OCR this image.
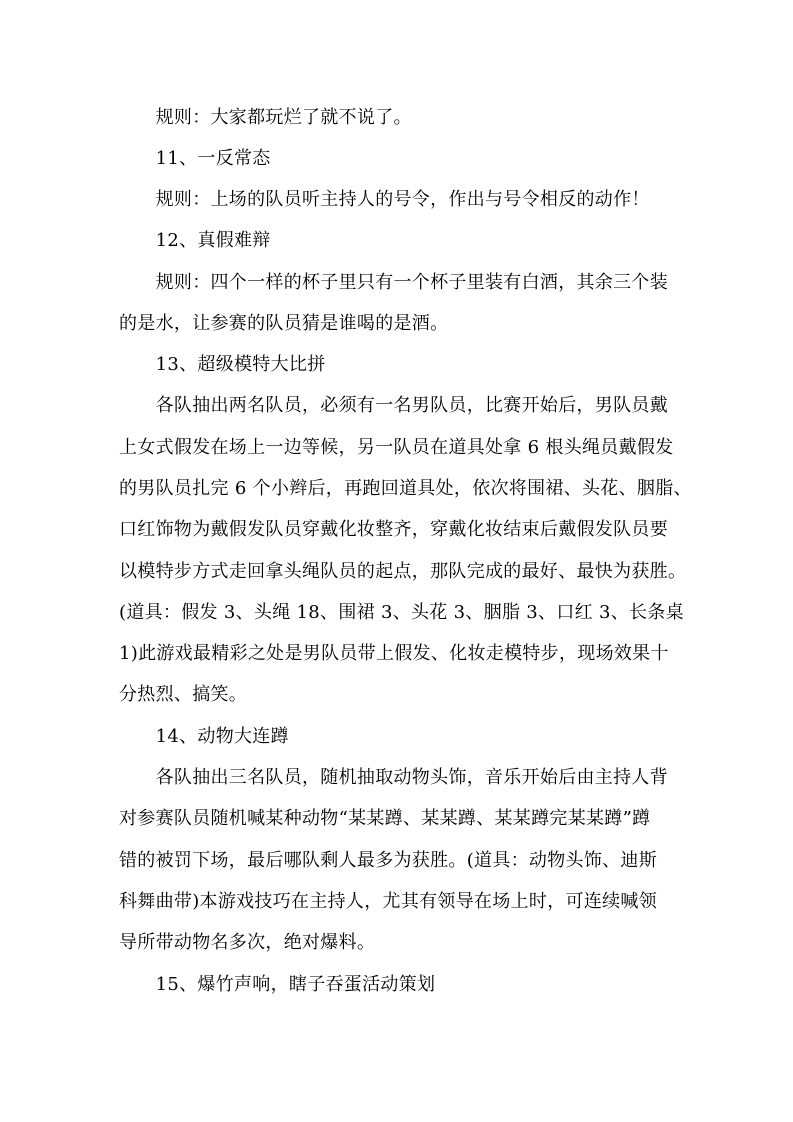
　　规则：大家都玩烂了就不说了。
　　11、一反常态
　　规则：上场的队员听主持人的号令，作出与号令相反的动作！
　　12、真假难辩
　　规则：四个一样的杯子里只有一个杯子里装有白酒，其余三个装
的是水，让参赛的队员猜是谁喝的是酒。
　　13、超级模特大比拼
　　各队抽出两名队员，必须有一名男队员，比赛开始后，男队员戴
上女式假发在场上一边等候，另一队员在道具处拿 6 根头绳员戴假发
的男队员扎完 6 个小辫后，再跑回道具处，依次将围裙、头花、胭脂、
口红饰物为戴假发队员穿戴化妆整齐，穿戴化妆结束后戴假发队员要
以模特步方式走回拿头绳队员的起点，那队完成的最好、最快为获胜。
(道具：假发 3、头绳 18、围裙 3、头花 3、胭脂 3、口红 3、长条桌
1)此游戏最精彩之处是男队员带上假发、化妆走模特步，现场效果十
分热烈、搞笑。
　　14、动物大连蹲
　　各队抽出三名队员，随机抽取动物头饰，音乐开始后由主持人背
对参赛队员随机喊某种动物“某某蹲、某某蹲、某某蹲完某某蹲”蹲
错的被罚下场，最后哪队剩人最多为获胜。(道具：动物头饰、迪斯
科舞曲带)本游戏技巧在主持人，尤其有领导在场上时，可连续喊领
导所带动物名多次，绝对爆料。
　　15、爆竹声响，瞎子吞蛋活动策划
